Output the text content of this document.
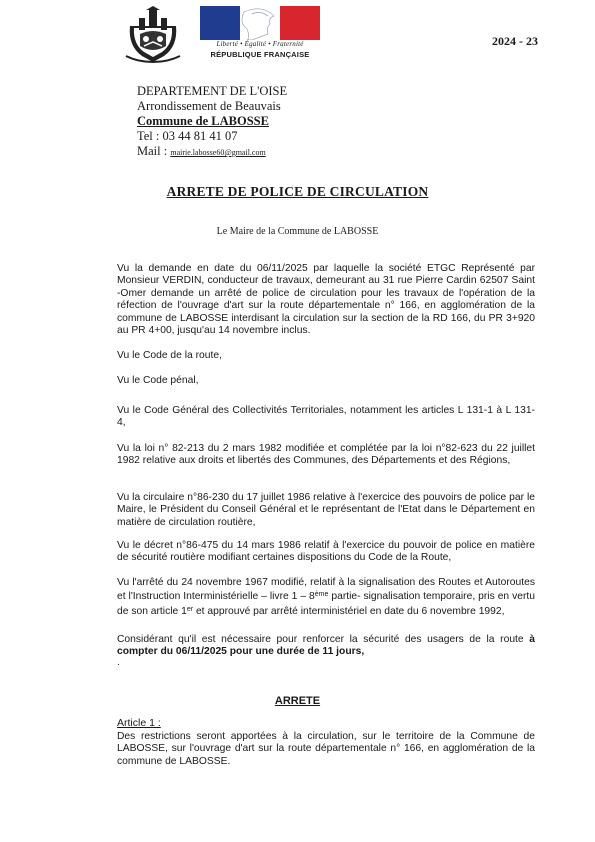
Liberté • Égalité • Fraternité
RÉPUBLIQUE FRANÇAISE
2024 - 23
DEPARTEMENT DE L'OISE
Arrondissement de Beauvais
Commune de LABOSSE
Tel : 03 44 81 41 07
Mail : mairie.labosse60@gmail.com
ARRETE DE POLICE DE CIRCULATION
Le Maire de la Commune de LABOSSE
Vu la demande en date du 06/11/2025 par laquelle la société ETGC Représenté par Monsieur VERDIN, conducteur de travaux, demeurant au 31 rue Pierre Cardin 62507 Saint -Omer demande un arrêté de police de circulation pour les travaux de l'opération de la réfection de l'ouvrage d'art sur la route départementale n° 166, en agglomération de la commune de LABOSSE interdisant la circulation sur la section de la RD 166, du PR 3+920 au PR 4+00, jusqu'au 14 novembre inclus.
Vu le Code de la route,
Vu le Code pénal,
Vu le Code Général des Collectivités Territoriales, notamment les articles L 131-1 à L 131-4,
Vu la loi n° 82-213 du 2 mars 1982 modifiée et complétée par la loi n°82-623 du 22 juillet 1982 relative aux droits et libertés des Communes, des Départements et des Régions,
Vu la circulaire n°86-230 du 17 juillet 1986 relative à l'exercice des pouvoirs de police par le Maire, le Président du Conseil Général et le représentant de l'Etat dans le Département en matière de circulation routière,
Vu le décret n°86-475 du 14 mars 1986 relatif à l'exercice du pouvoir de police en matière de sécurité routière modifiant certaines dispositions du Code de la Route,
Vu l'arrêté du 24 novembre 1967 modifié, relatif à la signalisation des Routes et Autoroutes et l'Instruction Interministérielle – livre 1 – 8ème partie- signalisation temporaire, pris en vertu de son article 1er et approuvé par arrêté interministériel en date du 6 novembre 1992,
Considérant qu'il est nécessaire pour renforcer la sécurité des usagers de la route à compter du 06/11/2025 pour une durée de 11 jours,
.
ARRETE
Article 1 :
Des restrictions seront apportées à la circulation, sur le territoire de la Commune de LABOSSE, sur l'ouvrage d'art sur la route départementale n° 166, en agglomération de la commune de LABOSSE.
